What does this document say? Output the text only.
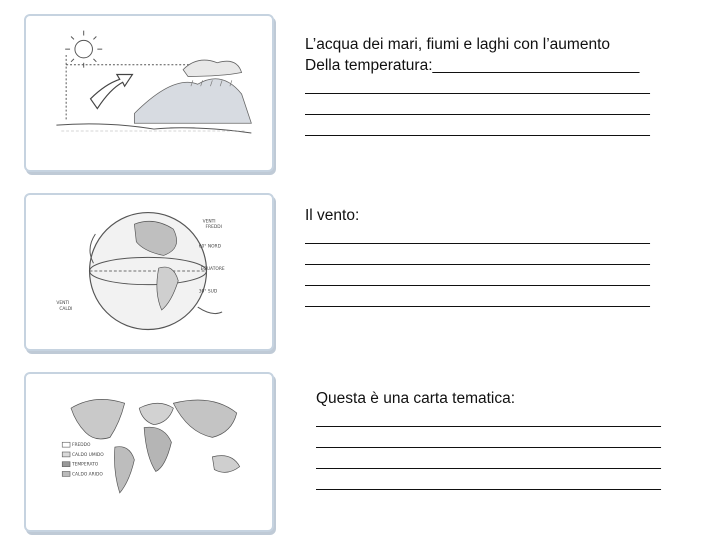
VENTI
FREDDI
60° NORD
EQUATORE
30° SUD
VENTI
CALDI
FREDDO
CALDO UMIDO
TEMPERATO
CALDO ARIDO
L’acqua dei mari, fiumi e laghi con l’aumento
Della temperatura:________________________
________________________________________
________________________________________
________________________________________
Il vento:
________________________________________
________________________________________
________________________________________
________________________________________
Questa è una carta tematica:
________________________________________
________________________________________
________________________________________
________________________________________
